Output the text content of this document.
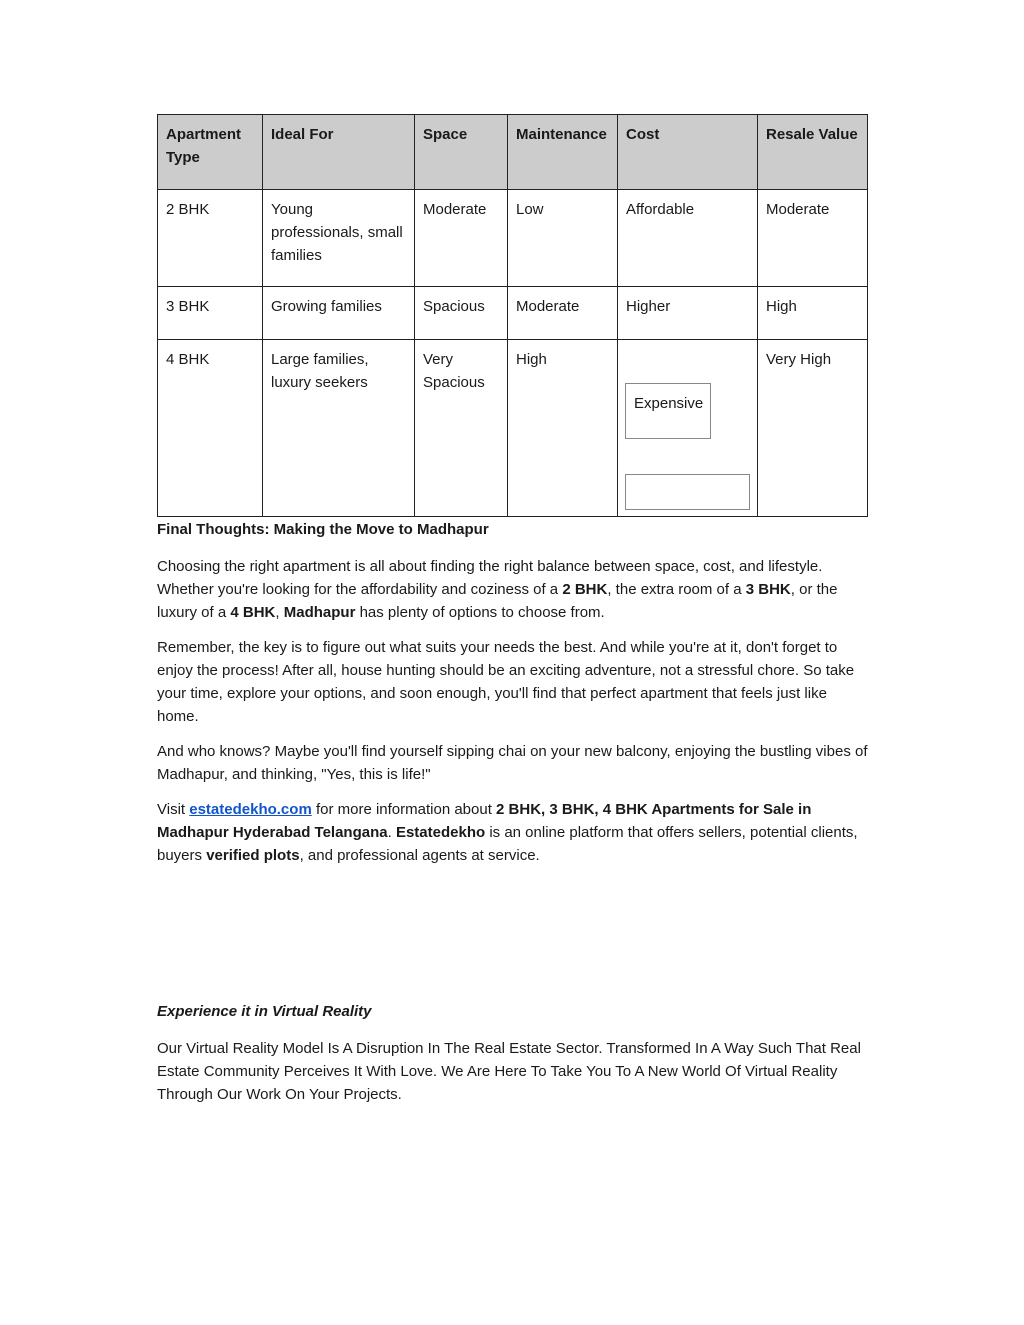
Apartment Type	Ideal For	Space	Maintenance	Cost	Resale Value
2 BHK	Young professionals, small families	Moderate	Low	Affordable	Moderate
3 BHK	Growing families	Spacious	Moderate	Higher	High
4 BHK	Large families, luxury seekers	Very Spacious	High	Expensive	Very High
Final Thoughts: Making the Move to Madhapur

Choosing the right apartment is all about finding the right balance between space, cost, and lifestyle. Whether you're looking for the affordability and coziness of a 2 BHK, the extra room of a 3 BHK, or the luxury of a 4 BHK, Madhapur has plenty of options to choose from.

Remember, the key is to figure out what suits your needs the best. And while you're at it, don't forget to enjoy the process! After all, house hunting should be an exciting adventure, not a stressful chore. So take your time, explore your options, and soon enough, you'll find that perfect apartment that feels just like home.

And who knows? Maybe you'll find yourself sipping chai on your new balcony, enjoying the bustling vibes of Madhapur, and thinking, "Yes, this is life!"

Visit estatedekho.com for more information about 2 BHK, 3 BHK, 4 BHK Apartments for Sale in Madhapur Hyderabad Telangana. Estatedekho is an online platform that offers sellers, potential clients, buyers verified plots, and professional agents at service.

Experience it in Virtual Reality

Our Virtual Reality Model Is A Disruption In The Real Estate Sector. Transformed In A Way Such That Real Estate Community Perceives It With Love. We Are Here To Take You To A New World Of Virtual Reality Through Our Work On Your Projects.
